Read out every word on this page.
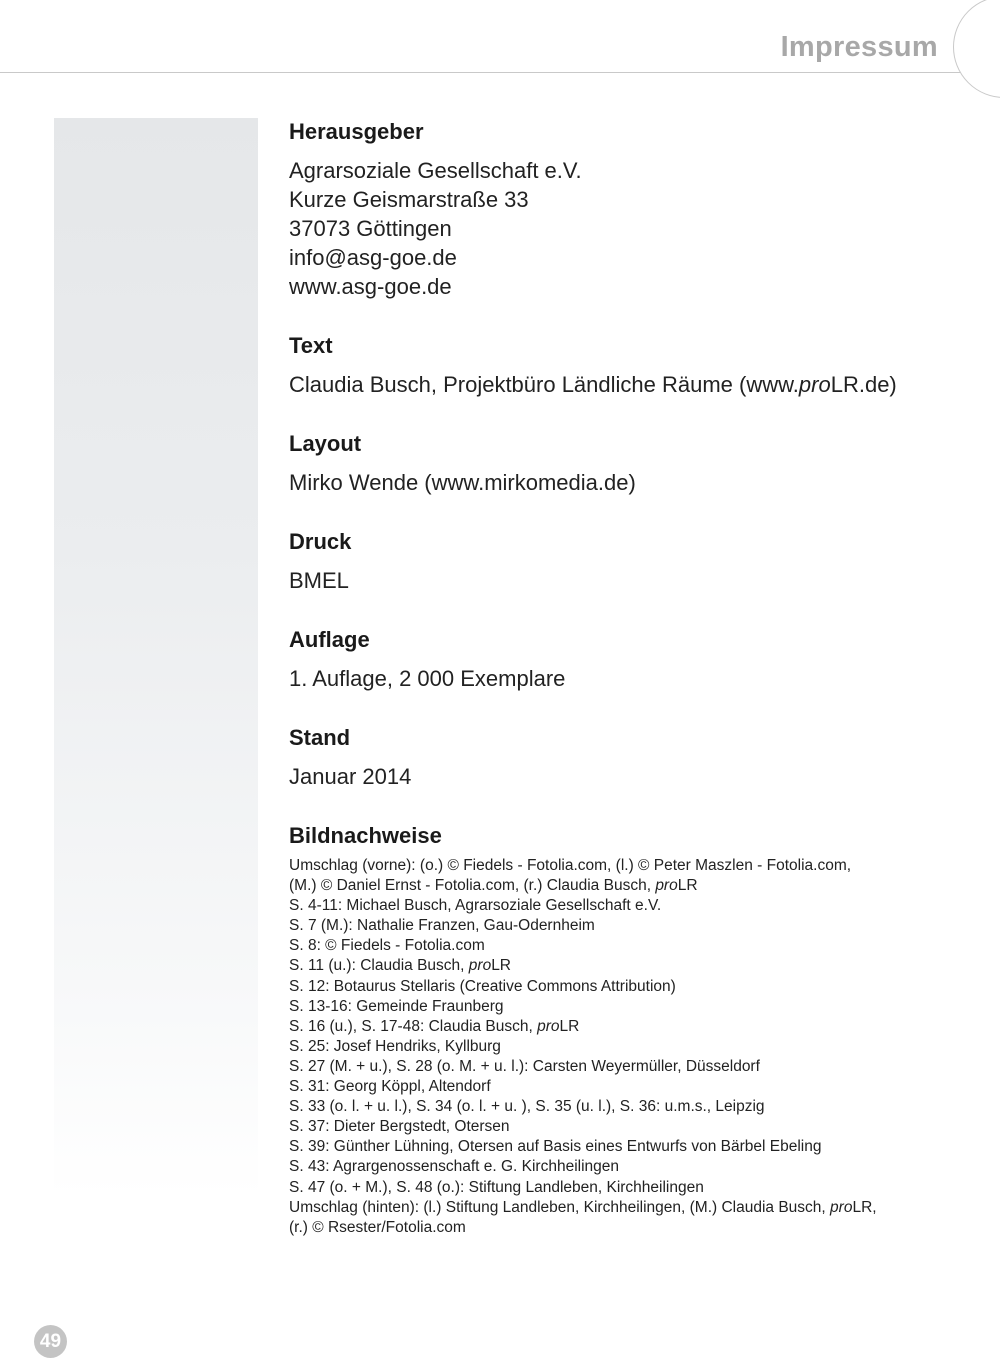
Impressum
Herausgeber
Agrarsoziale Gesellschaft e.V.
Kurze Geismarstraße 33
37073 Göttingen
info@asg-goe.de
www.asg-goe.de
Text
Claudia Busch, Projektbüro Ländliche Räume (www.proLR.de)
Layout
Mirko Wende (www.mirkomedia.de)
Druck
BMEL
Auflage
1. Auflage, 2 000 Exemplare
Stand
Januar 2014
Bildnachweise
Umschlag (vorne): (o.) © Fiedels - Fotolia.com, (l.) © Peter Maszlen - Fotolia.com,
(M.) © Daniel Ernst - Fotolia.com, (r.) Claudia Busch, proLR
S. 4-11: Michael Busch, Agrarsoziale Gesellschaft e.V.
S. 7 (M.): Nathalie Franzen, Gau-Odernheim
S. 8: © Fiedels - Fotolia.com
S. 11 (u.): Claudia Busch, proLR
S. 12: Botaurus Stellaris (Creative Commons Attribution)
S. 13-16: Gemeinde Fraunberg
S. 16 (u.), S. 17-48: Claudia Busch, proLR
S. 25: Josef Hendriks, Kyllburg
S. 27 (M. + u.), S. 28 (o. M. + u. l.): Carsten Weyermüller, Düsseldorf
S. 31: Georg Köppl, Altendorf
S. 33 (o. l. + u. l.), S. 34 (o. l. + u. ), S. 35 (u. l.), S. 36: u.m.s., Leipzig
S. 37: Dieter Bergstedt, Otersen
S. 39: Günther Lühning, Otersen auf Basis eines Entwurfs von Bärbel Ebeling
S. 43: Agrargenossenschaft e. G. Kirchheilingen
S. 47 (o. + M.), S. 48 (o.): Stiftung Landleben, Kirchheilingen
Umschlag (hinten): (l.) Stiftung Landleben, Kirchheilingen, (M.) Claudia Busch, proLR,
(r.) © Rsester/Fotolia.com
49
